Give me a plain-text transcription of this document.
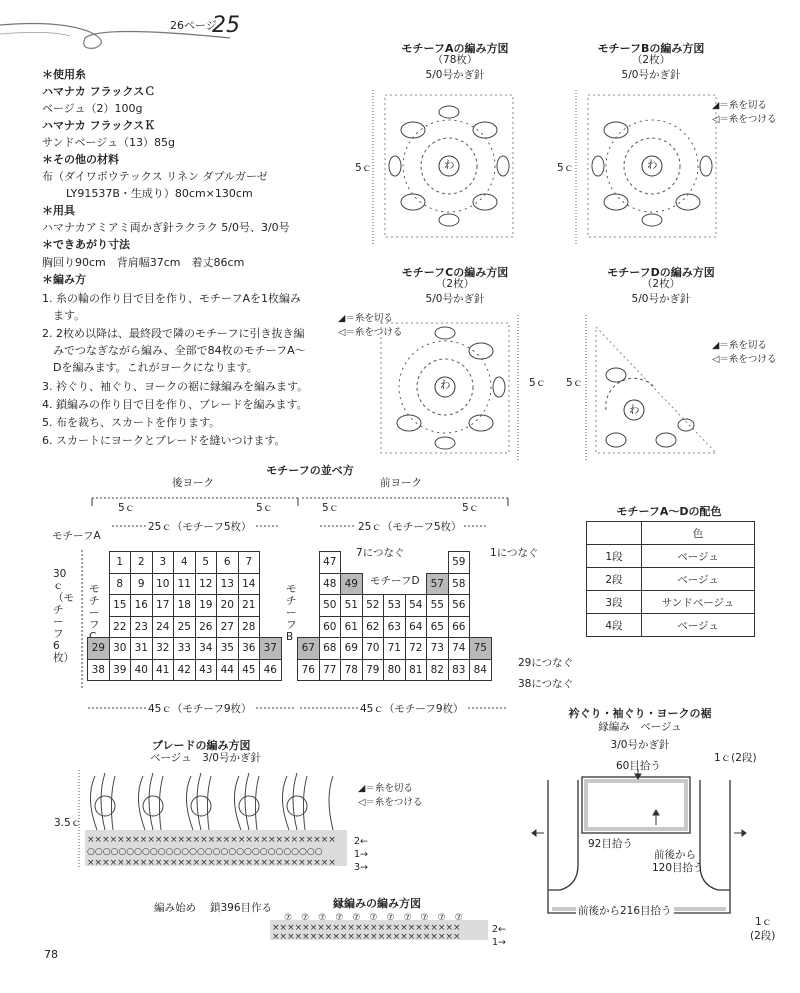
26ページ
25
＊使用糸
ハマナカ フラックスＣ
ベージュ（2）100g
ハマナカ フラックスＫ
サンドベージュ（13）85g
＊その他の材料
布（ダイワボウテックス リネン ダブルガーゼ
LY91537B・生成り）80cm×130cm
＊用具
ハマナカアミアミ両かぎ針ラクラク 5/0号、3/0号
＊できあがり寸法
胸回り90cm　背肩幅37cm　着丈86cm
＊編み方
1. 糸の輪の作り目で目を作り、モチーフAを1枚編み
　ます。
2. 2枚め以降は、最終段で隣のモチーフに引き抜き編
　みでつなぎながら編み、全部で84枚のモチーフA～
　Dを編みます。これがヨークになります。
3. 衿ぐり、袖ぐり、ヨークの裾に縁編みを編みます。
4. 鎖編みの作り目で目を作り、ブレードを編みます。
5. 布を裁ち、スカートを作ります。
6. スカートにヨークとブレードを縫いつけます。
モチーフAの編み方図
（78枚）
5/0号かぎ針
5ｃ	わ
モチーフBの編み方図
（2枚）
5/0号かぎ針
5ｃ	わ
◢＝糸を切る
◁＝糸をつける
モチーフCの編み方図
（2枚）
5/0号かぎ針
◢＝糸を切る
◁＝糸をつける
わ	5ｃ
モチーフDの編み方図
（2枚）
5/0号かぎ針
5ｃ
わ
◢＝糸を切る
◁＝糸をつける
モチーフの並べ方
後ヨーク	前ヨーク
5ｃ	5ｃ	5ｃ	5ｃ
25ｃ（モチーフ5枚）	25ｃ（モチーフ5枚）
モチーフA
30ｃ（モチーフ6枚）
モチーフ
モチーフB
モチーフD
7につなぐ	1につなぐ
29につなぐ
38につなぐ
45ｃ（モチーフ9枚）	45ｃ（モチーフ9枚）
	1	2	3	4	5	6	7	
	8	9	10	11	12	13	14	
	15	16	17	18	19	20	21	
	22	23	24	25	26	27	28	
29	30	31	32	33	34	35	36	37
38	39	40	41	42	43	44	45	46
	47						59	
	48	49				57	58	
	50	51	52	53	54	55	56	
	60	61	62	63	64	65	66	
67	68	69	70	71	72	73	74	75
76	77	78	79	80	81	82	83	84
モチーフA～Dの配色
	色
1段	ベージュ
2段	ベージュ
3段	サンドベージュ
4段	ベージュ
ブレードの編み方図
ベージュ　3/0号かぎ針
3.5ｃ
×××××××××××××××××××××××××××××××××
○○○○○○○○○○○○○○○○○○○○○○○○○○○○○○
×××××××××××××××××××××××××××××××××
2←
1→
3→
◢＝糸を切る
◁＝糸をつける
編み始め 鎖396目作る
衿ぐり・袖ぐり・ヨークの裾
縁編み　ベージュ
3/0号かぎ針
60目拾う
1ｃ(2段)
92目拾う
前後から
120目拾う
前後から216目拾う
1ｃ
(2段)
縁編みの編み方図
⑦　⑦　⑦　⑦　⑦　⑦　⑦　⑦　⑦　⑦　⑦
×××××××××××××××××××××××××
×××××××××××××××××××××××××
2←
1→
78
